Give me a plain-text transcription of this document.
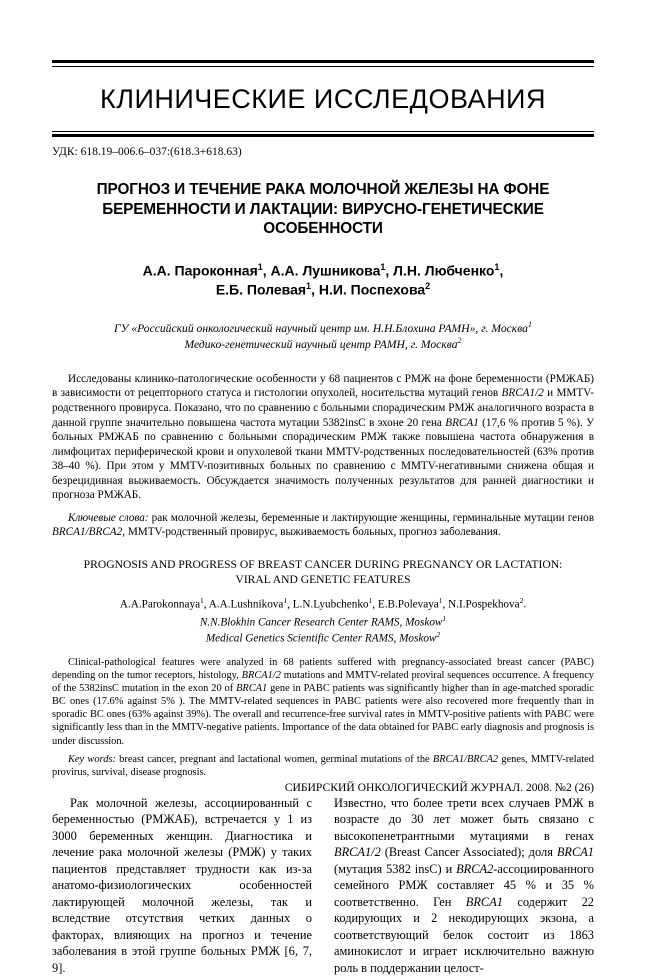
КЛИНИЧЕСКИЕ ИССЛЕДОВАНИЯ
УДК: 618.19–006.6–037:(618.3+618.63)
ПРОГНОЗ И ТЕЧЕНИЕ РАКА МОЛОЧНОЙ ЖЕЛЕЗЫ НА ФОНЕ БЕРЕМЕННОСТИ И ЛАКТАЦИИ: ВИРУСНО-ГЕНЕТИЧЕСКИЕ ОСОБЕННОСТИ
А.А. Пароконная$^1$, А.А. Лушникова$^1$, Л.Н. Любченко$^1$,
Е.Б. Полевая$^1$, Н.И. Поспехова$^2$
ГУ «Российский онкологический научный центр им. Н.Н.Блохина РАМН», г. Москва$^1$
Медико-генетический научный центр РАМН, г. Москва$^2$
Исследованы клинико-патологические особенности у 68 пациентов с РМЖ на фоне беременности (РМЖАБ) в зависимости от рецепторного статуса и гистологии опухолей, носительства мутаций генов BRCA1/2 и MMTV-родственного провируса. Показано, что по сравнению с больными спорадическим РМЖ аналогичного возраста в данной группе значительно повышена частота мутации 5382insC в эхоне 20 гена BRCA1 (17,6 % против 5 %). У больных РМЖАБ по сравнению с больными спорадическим РМЖ также повышена частота обнаружения в лимфоцитах периферической крови и опухолевой ткани MMTV-родственных последовательностей (63% против 38–40 %). При этом у MMTV-позитивных больных по сравнению с MMTV-негативными снижена общая и безрецидивная выживаемость. Обсуждается значимость полученных результатов для ранней диагностики и прогноза РМЖАБ.
Ключевые слова: рак молочной железы, беременные и лактирующие женщины, герминальные мутации генов BRCA1/BRCA2, MMTV-родственный провирус, выживаемость больных, прогноз заболевания.
PROGNOSIS AND PROGRESS OF BREAST CANCER DURING PREGNANCY OR LACTATION:
VIRAL AND GENETIC FEATURES
A.A.Parokonnaya$^1$, A.A.Lushnikova$^1$, L.N.Lyubchenko$^1$, E.B.Polevaya$^1$, N.I.Pospekhova$^2$.
N.N.Blokhin Cancer Research Center RAMS, Moskow$^1$
Medical Genetics Scientific Center RAMS, Moskow$^2$
Clinical-pathological features were analyzed in 68 patients suffered with pregnancy-associated breast cancer (PABC) depending on the tumor receptors, histology, BRCA1/2 mutations and MMTV-related proviral sequences occurrence. A frequency of the 5382insC mutation in the exon 20 of BRCA1 gene in PABC patients was significantly higher than in age-matched sporadic BC ones (17.6% against 5% ). The MMTV-related sequences in PABC patients were also recovered more frequently than in sporadic BC ones (63% against 39%). The overall and recurrence-free survival rates in MMTV-positive patients with PABC were significantly less than in the MMTV-negative patients. Importance of the data obtained for PABC early diagnosis and prognosis is under discussion.
Key words: breast cancer, pregnant and lactational women, germinal mutations of the BRCA1/BRCA2 genes, MMTV-related provirus, survival, disease prognosis.

Рак молочной железы, ассоциированный с беременностью (РМЖАБ), встречается у 1 из 3000 беременных женщин. Диагностика и лечение рака молочной железы (РМЖ) у таких пациентов представляет трудности как из-за анатомо-физиологических особенностей лактирующей молочной железы, так и вследствие отсутствия четких данных о факторах, влияющих на прогноз и течение заболевания в этой группе больных РМЖ [6, 7, 9].

Известно, что более трети всех случаев РМЖ в возрасте до 30 лет может быть связано с высокопенетрантными мутациями в генах BRCA1/2 (Breast Cancer Associated); доля BRCA1 (мутация 5382 insC) и BRCA2-ассоциированного семейного РМЖ составляет 45 % и 35 % соответственно. Ген BRCA1 содержит 22 кодирующих и 2 некодирующих экзона, а соответствующий белок состоит из 1863 аминокислот и играет исключительно важную роль в поддержании целост-

СИБИРСКИЙ ОНКОЛОГИЧЕСКИЙ ЖУРНАЛ. 2008. №2 (26)
